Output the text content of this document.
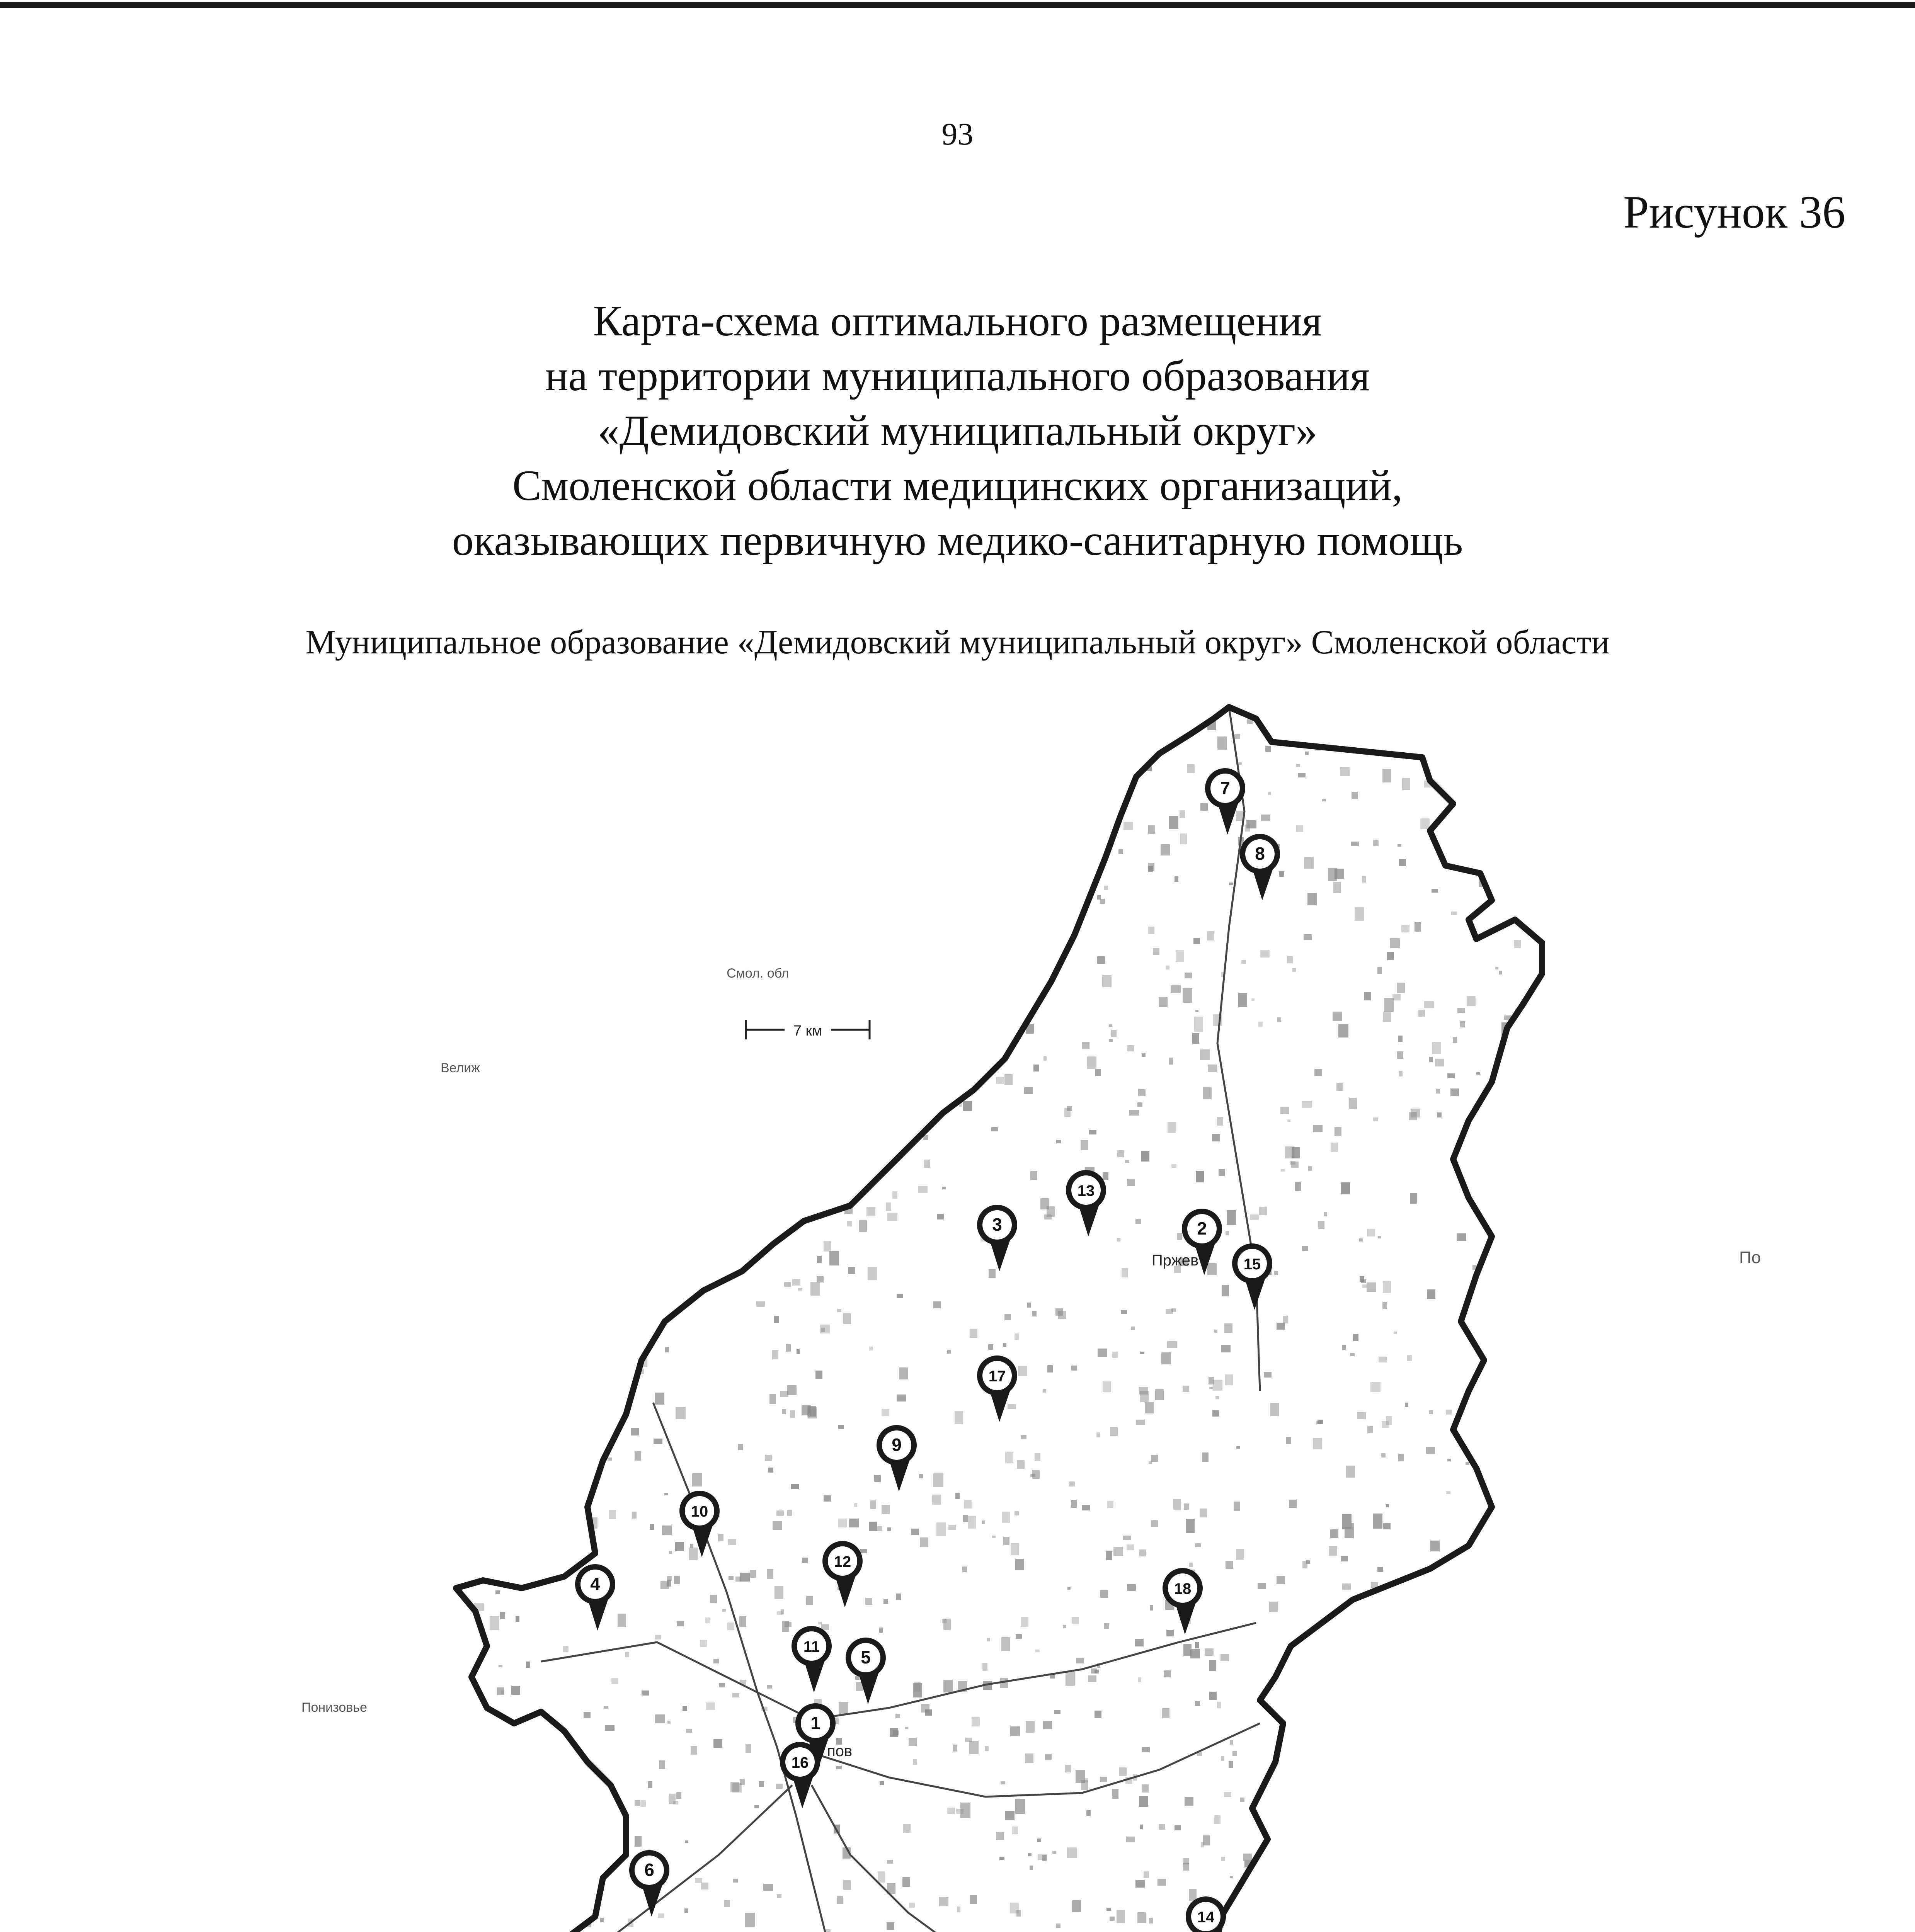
93
Рисунок 36
Карта-схема оптимального размещения
на территории муниципального образования
«Демидовский муниципальный округ»
Смоленской области медицинских организаций,
оказывающих первичную медико-санитарную помощь
Муниципальное образование «Демидовский муниципальный округ» Смоленской области
Велиж
Смол. обл
По
Понизовье
7 км
Пржев
пов
1
2
3
4
5
6
7
8
9
10
11
12
13
14
15
16
17
18
